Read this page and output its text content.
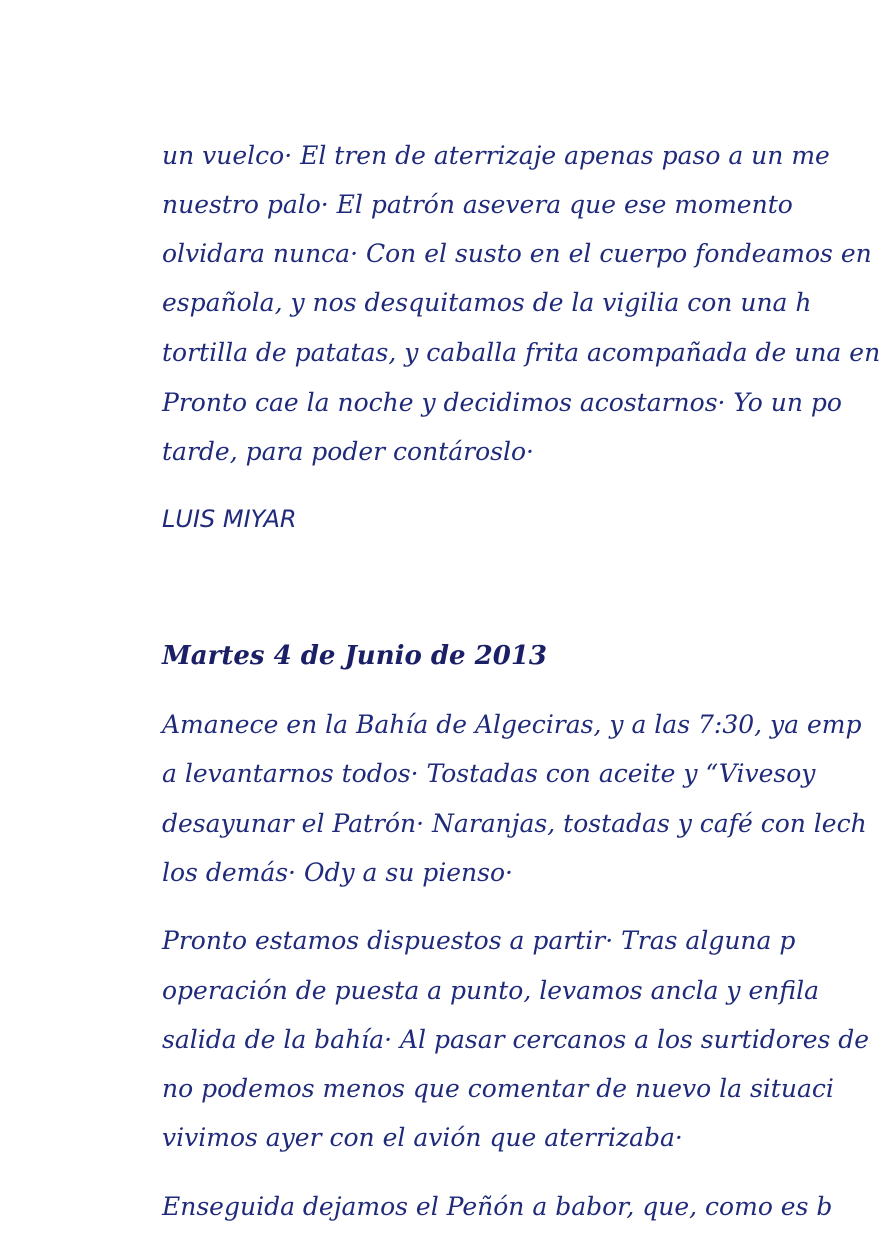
un vuelco· El tren de aterrizaje apenas paso a un me
nuestro palo· El patrón asevera que ese momento
olvidara nunca· Con el susto en el cuerpo fondeamos en
española, y nos desquitamos de la vigilia con una h
tortilla de patatas, y caballa frita acompañada de una en
Pronto cae la noche y decidimos acostarnos· Yo un po
tarde, para poder contároslo·
LUIS MIYAR
Martes 4 de Junio de 2013
Amanece en la Bahía de Algeciras, y a las 7:30, ya emp
a levantarnos todos· Tostadas con aceite y “Vivesoy
desayunar el Patrón· Naranjas, tostadas y café con lech
los demás· Ody a su pienso·
Pronto estamos dispuestos a partir· Tras alguna p
operación de puesta a punto, levamos ancla y enfila
salida de la bahía· Al pasar cercanos a los surtidores de
no podemos menos que comentar de nuevo la situaci
vivimos ayer con el avión que aterrizaba·
Enseguida dejamos el Peñón a babor, que, como es b
